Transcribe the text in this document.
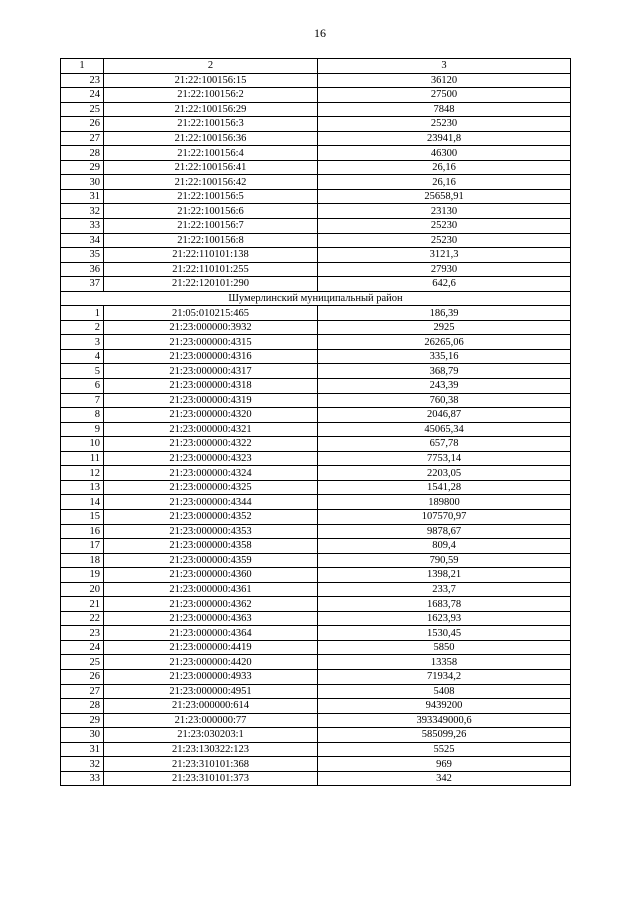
16
1	2	3
23	21:22:100156:15	36120
24	21:22:100156:2	27500
25	21:22:100156:29	7848
26	21:22:100156:3	25230
27	21:22:100156:36	23941,8
28	21:22:100156:4	46300
29	21:22:100156:41	26,16
30	21:22:100156:42	26,16
31	21:22:100156:5	25658,91
32	21:22:100156:6	23130
33	21:22:100156:7	25230
34	21:22:100156:8	25230
35	21:22:110101:138	3121,3
36	21:22:110101:255	27930
37	21:22:120101:290	642,6
Шумерлинский муниципальный район		
1	21:05:010215:465	186,39
2	21:23:000000:3932	2925
3	21:23:000000:4315	26265,06
4	21:23:000000:4316	335,16
5	21:23:000000:4317	368,79
6	21:23:000000:4318	243,39
7	21:23:000000:4319	760,38
8	21:23:000000:4320	2046,87
9	21:23:000000:4321	45065,34
10	21:23:000000:4322	657,78
11	21:23:000000:4323	7753,14
12	21:23:000000:4324	2203,05
13	21:23:000000:4325	1541,28
14	21:23:000000:4344	189800
15	21:23:000000:4352	107570,97
16	21:23:000000:4353	9878,67
17	21:23:000000:4358	809,4
18	21:23:000000:4359	790,59
19	21:23:000000:4360	1398,21
20	21:23:000000:4361	233,7
21	21:23:000000:4362	1683,78
22	21:23:000000:4363	1623,93
23	21:23:000000:4364	1530,45
24	21:23:000000:4419	5850
25	21:23:000000:4420	13358
26	21:23:000000:4933	71934,2
27	21:23:000000:4951	5408
28	21:23:000000:614	9439200
29	21:23:000000:77	393349000,6
30	21:23:030203:1	585099,26
31	21:23:130322:123	5525
32	21:23:310101:368	969
33	21:23:310101:373	342
